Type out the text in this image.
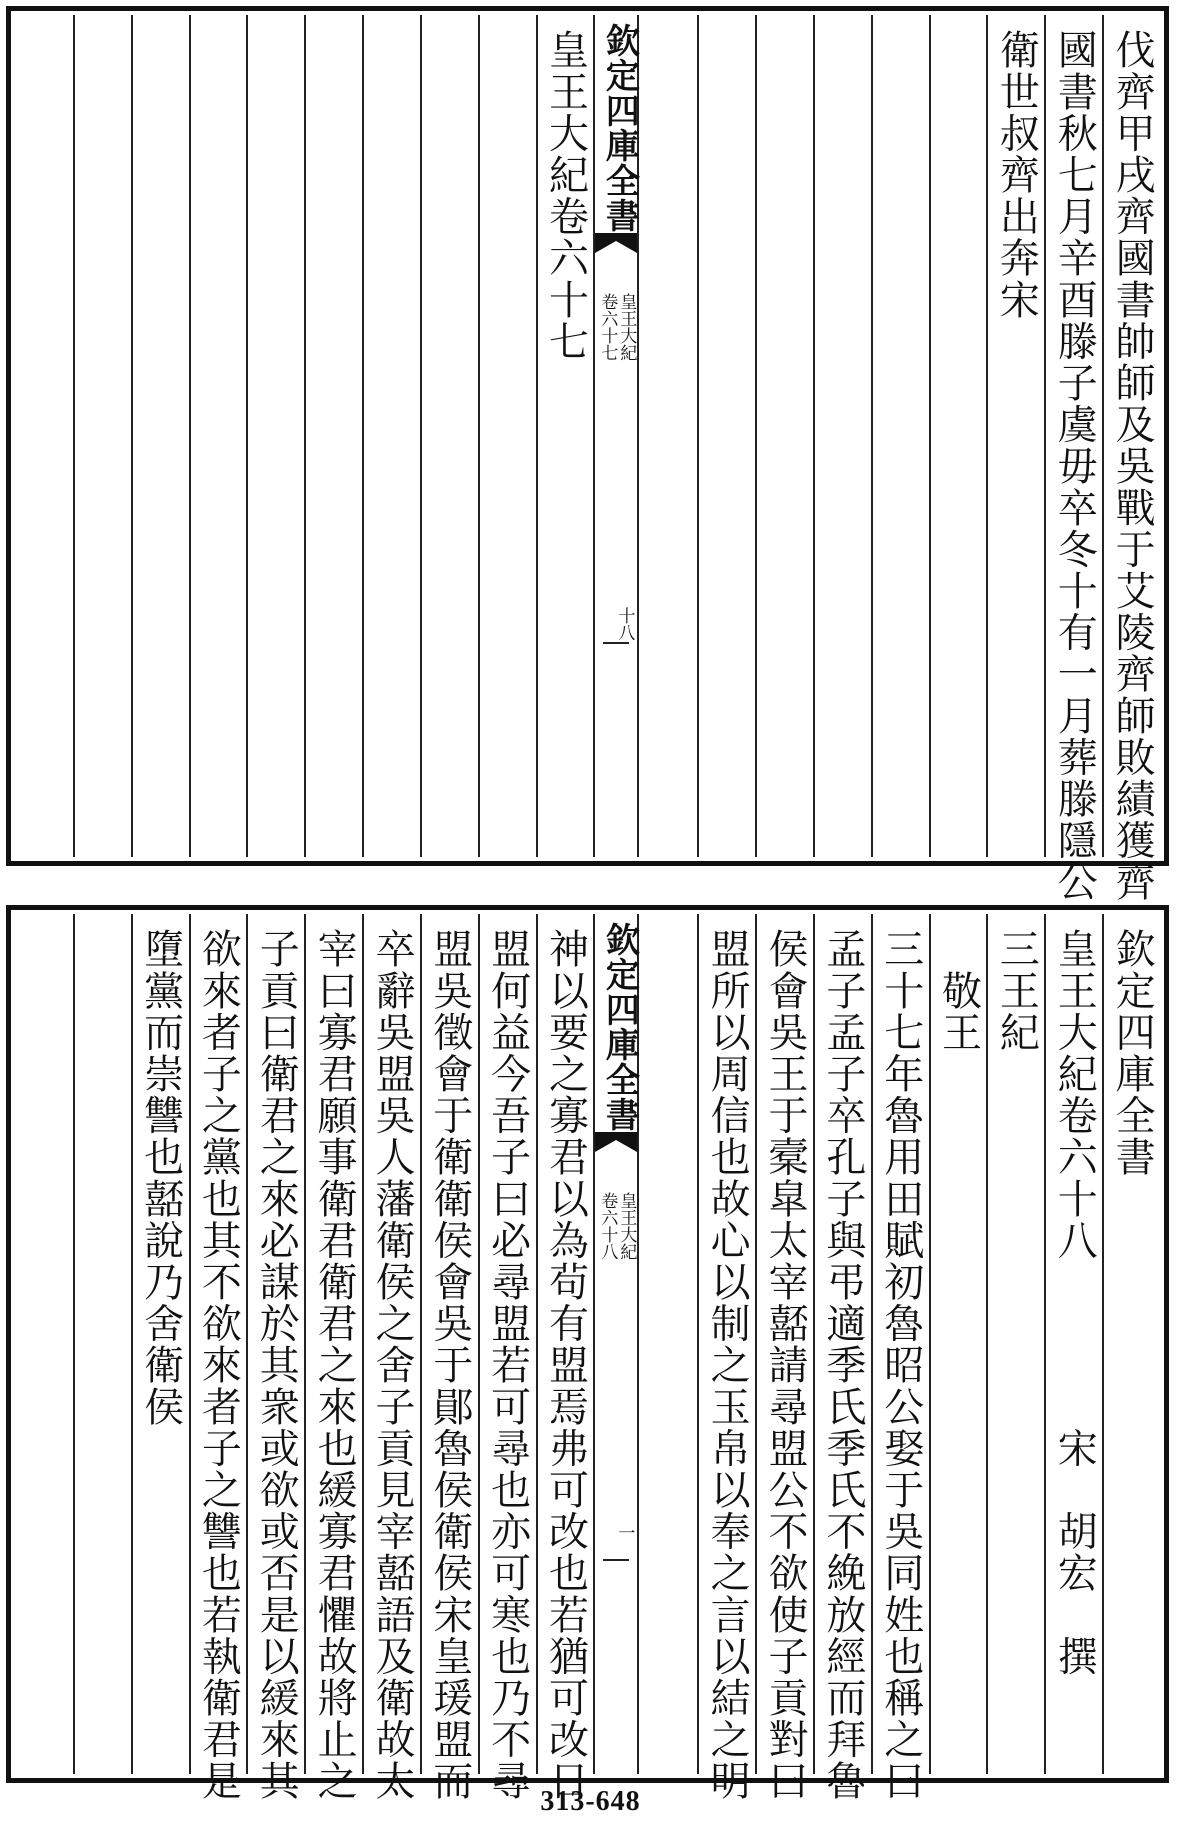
皇王大紀卷六十七 欽定四庫全書
皇王大紀
卷六十七
十八
衛世叔齊出奔宋 國書秋七月辛酉滕子虞毋卒冬十有一月葬滕隱公 伐齊甲戌齊國書帥師及吳戰于艾陵齊師敗績獲齊
墮黨而崇讐也嚭說乃舍衛侯 欲來者子之黨也其不欲來者子之讐也若執衛君是 子貢曰衛君之來必謀於其衆或欲或否是以緩來其 宰曰寡君願事衛君衛君之來也緩寡君懼故將止之 卒辭吳盟吳人藩衛侯之舍子貢見宰嚭語及衛故太 盟吳徵會于衛衛侯會吳于鄖魯侯衛侯宋皇瑗盟而 盟何益今吾子曰必尋盟若可尋也亦可寒也乃不尋 神以要之寡君以為茍有盟焉弗可改也若猶可改日 欽定四庫全書
皇王大紀
卷六十八
一 盟所以周信也故心以制之玉帛以奉之言以結之明 侯會吳王于槖皐太宰嚭請尋盟公不欲使子貢對曰 孟子孟子卒孔子與弔適季氏季氏不絻放經而拜魯 三十七年魯用田賦初魯昭公娶于吳同姓也稱之曰 　敬王 三王紀 皇王大紀卷六十八　　　　宋　胡宏　撰 欽定四庫全書
313-648
